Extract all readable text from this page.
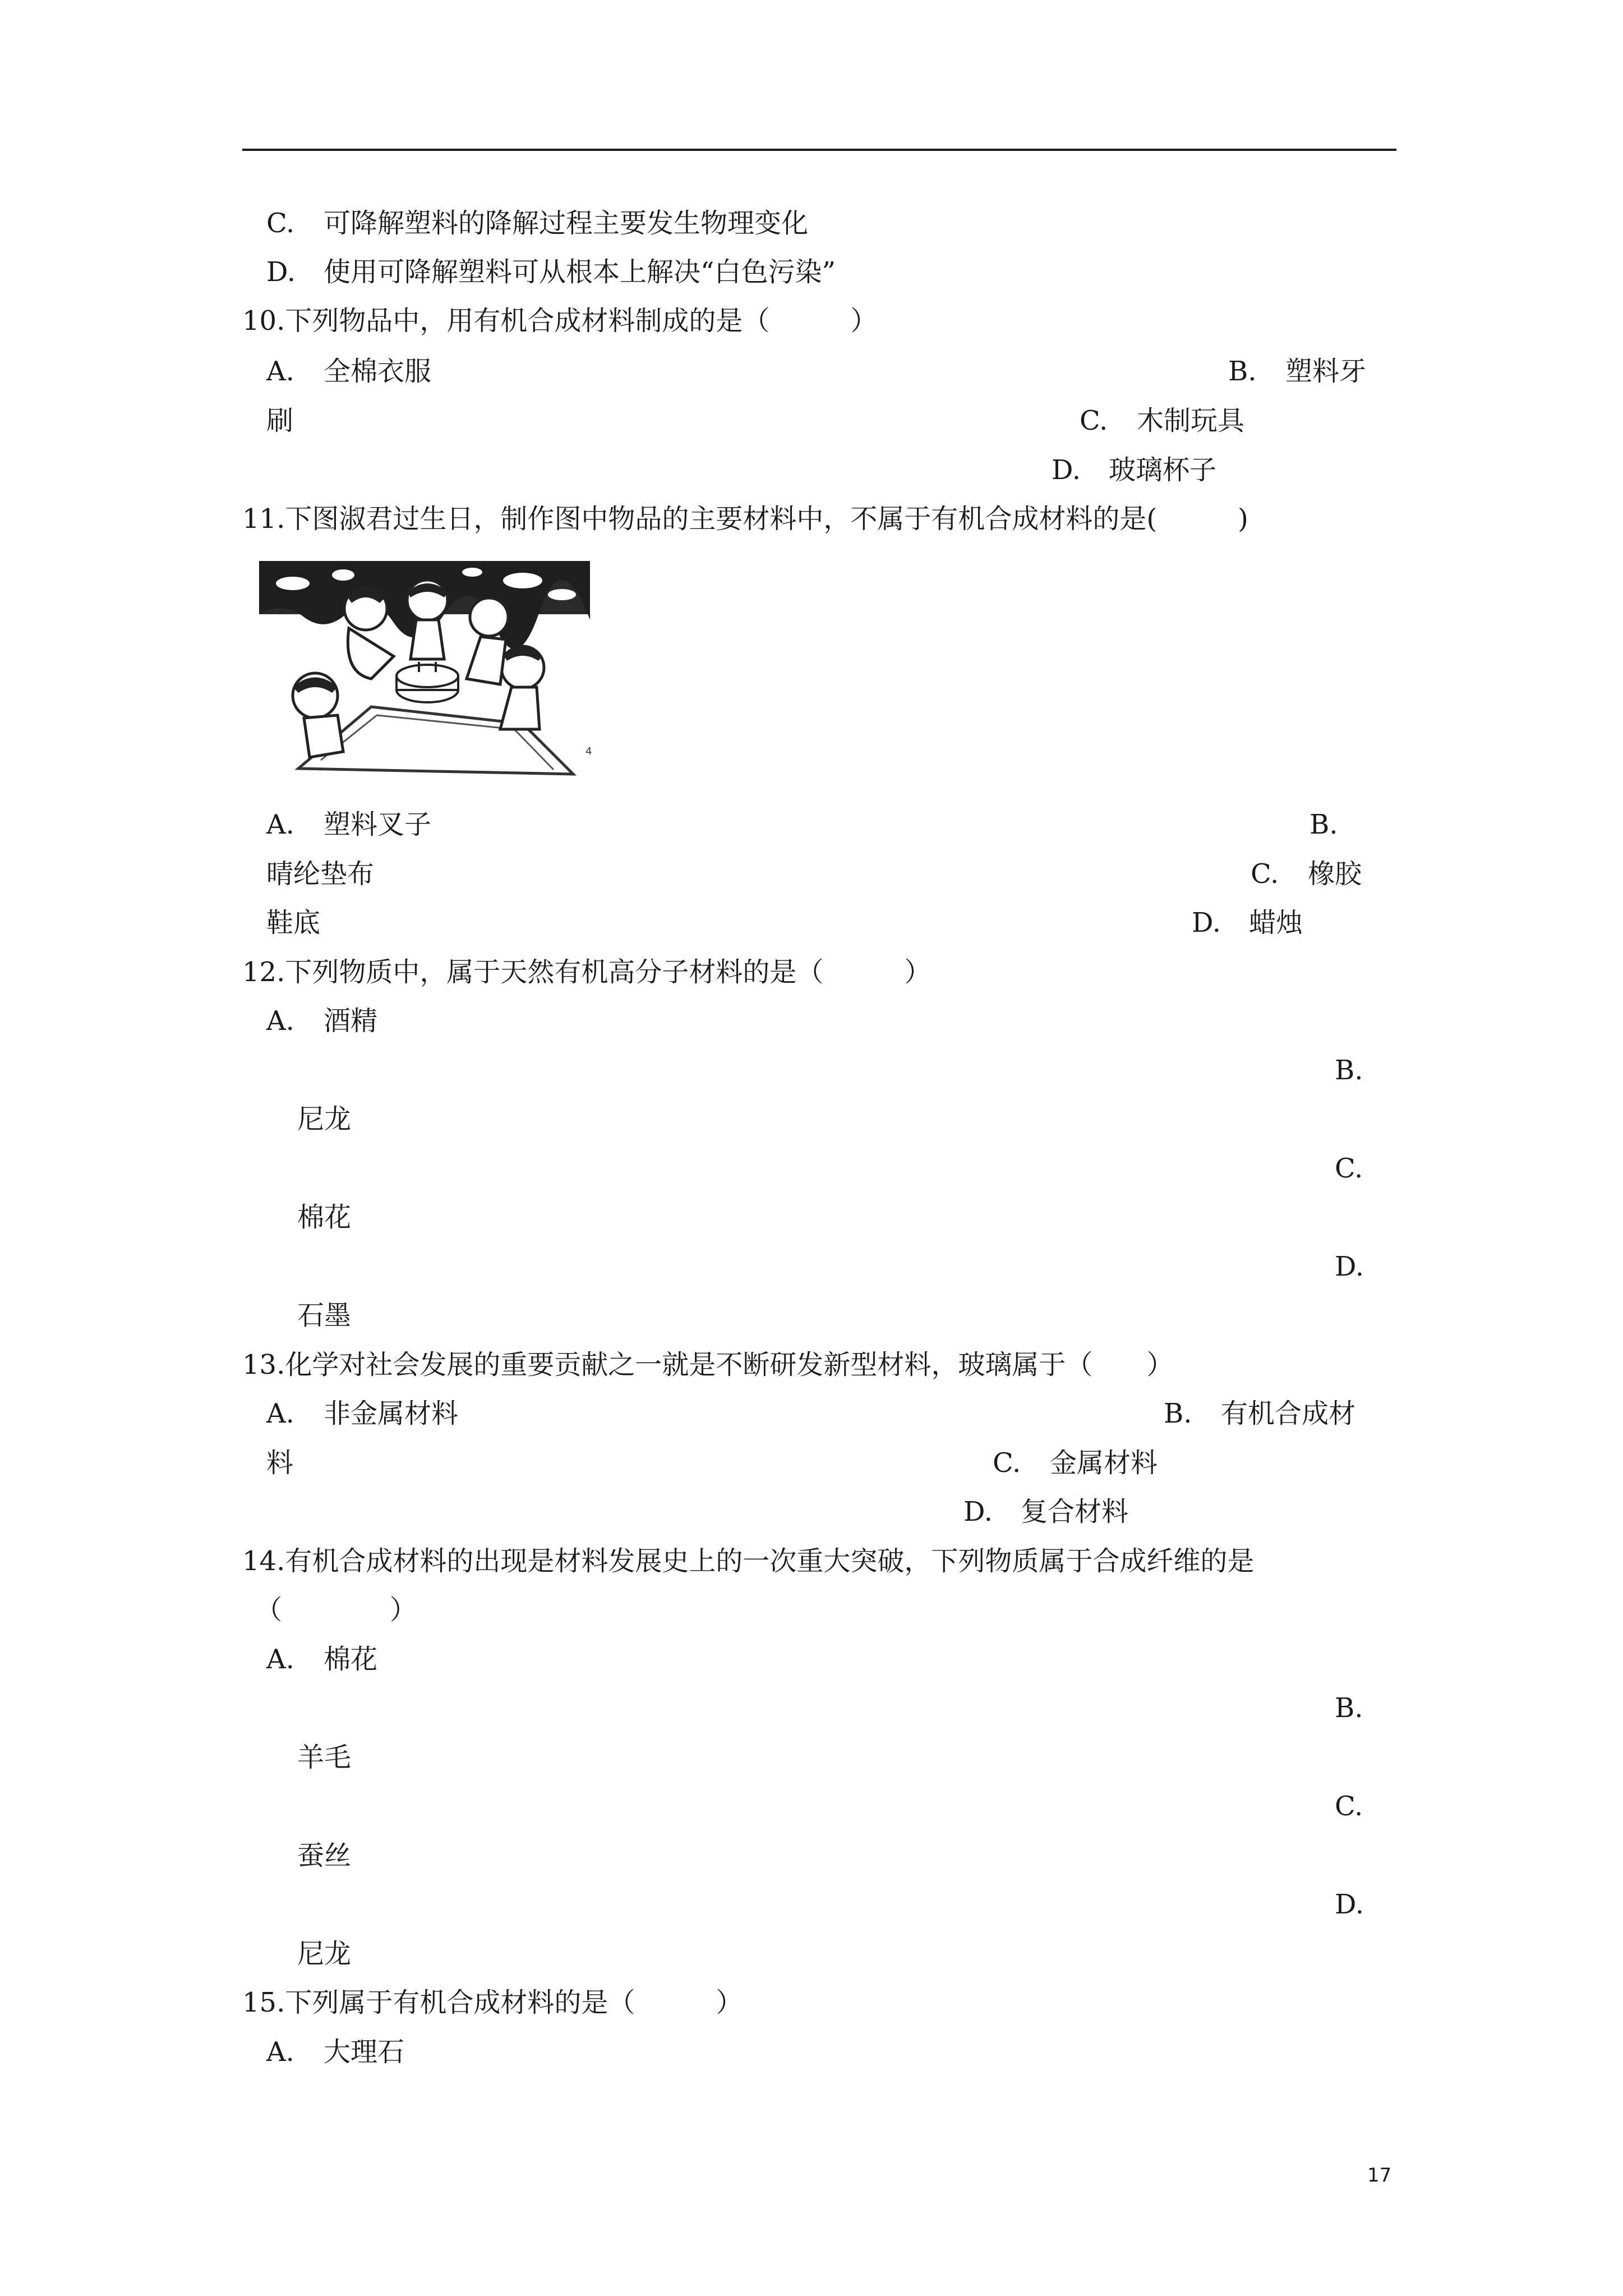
C. 可降解塑料的降解过程主要发生物理变化
D. 使用可降解塑料可从根本上解决“白色污染”
10.下列物品中，用有机合成材料制成的是（　　　）
A. 全棉衣服	B. 塑料牙
刷	C. 木制玩具
D. 玻璃杯子
11.下图淑君过生日，制作图中物品的主要材料中，不属于有机合成材料的是(　　　)
4
A. 塑料叉子	B.
晴纶垫布	C. 橡胶
鞋底	D. 蜡烛
12.下列物质中，属于天然有机高分子材料的是（　　　）
A. 酒精
B.
尼龙
C.
棉花
D.
石墨
13.化学对社会发展的重要贡献之一就是不断研发新型材料，玻璃属于（　　）
A. 非金属材料	B. 有机合成材
料	C. 金属材料
D. 复合材料
14.有机合成材料的出现是材料发展史上的一次重大突破，下列物质属于合成纤维的是
（　　　　）
A. 棉花
B.
羊毛
C.
蚕丝
D.
尼龙
15.下列属于有机合成材料的是（　　　）
A. 大理石
17
